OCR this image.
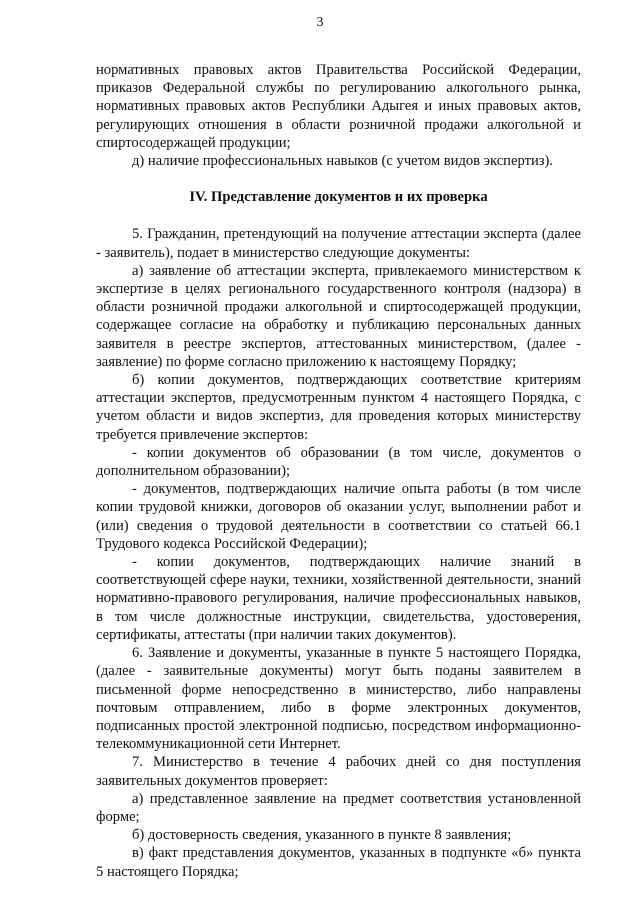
3

нормативных правовых актов Правительства Российской Федерации, приказов Федеральной службы по регулированию алкогольного рынка, нормативных правовых актов Республики Адыгея и иных правовых актов, регулирующих отношения в области розничной продажи алкогольной и спиртосодержащей продукции;

д) наличие профессиональных навыков (с учетом видов экспертиз).

IV. Представление документов и их проверка

5. Гражданин, претендующий на получение аттестации эксперта (далее - заявитель), подает в министерство следующие документы:

а) заявление об аттестации эксперта, привлекаемого министерством к экспертизе в целях регионального государственного контроля (надзора) в области розничной продажи алкогольной и спиртосодержащей продукции, содержащее согласие на обработку и публикацию персональных данных заявителя в реестре экспертов, аттестованных министерством, (далее - заявление) по форме согласно приложению к настоящему Порядку;

б) копии документов, подтверждающих соответствие критериям аттестации экспертов, предусмотренным пунктом 4 настоящего Порядка, с учетом области и видов экспертиз, для проведения которых министерству требуется привлечение экспертов:

- копии документов об образовании (в том числе, документов о дополнительном образовании);

- документов, подтверждающих наличие опыта работы (в том числе копии трудовой книжки, договоров об оказании услуг, выполнении работ и (или) сведения о трудовой деятельности в соответствии со статьей 66.1 Трудового кодекса Российской Федерации);

- копии документов, подтверждающих наличие знаний в соответствующей сфере науки, техники, хозяйственной деятельности, знаний нормативно-правового регулирования, наличие профессиональных навыков, в том числе должностные инструкции, свидетельства, удостоверения, сертификаты, аттестаты (при наличии таких документов).

6. Заявление и документы, указанные в пункте 5 настоящего Порядка, (далее - заявительные документы) могут быть поданы заявителем в письменной форме непосредственно в министерство, либо направлены почтовым отправлением, либо в форме электронных документов, подписанных простой электронной подписью, посредством информационно-телекоммуникационной сети Интернет.

7. Министерство в течение 4 рабочих дней со дня поступления заявительных документов проверяет:

а) представленное заявление на предмет соответствия установленной форме;

б) достоверность сведения, указанного в пункте 8 заявления;

в) факт представления документов, указанных в подпункте «б» пункта 5 настоящего Порядка;
